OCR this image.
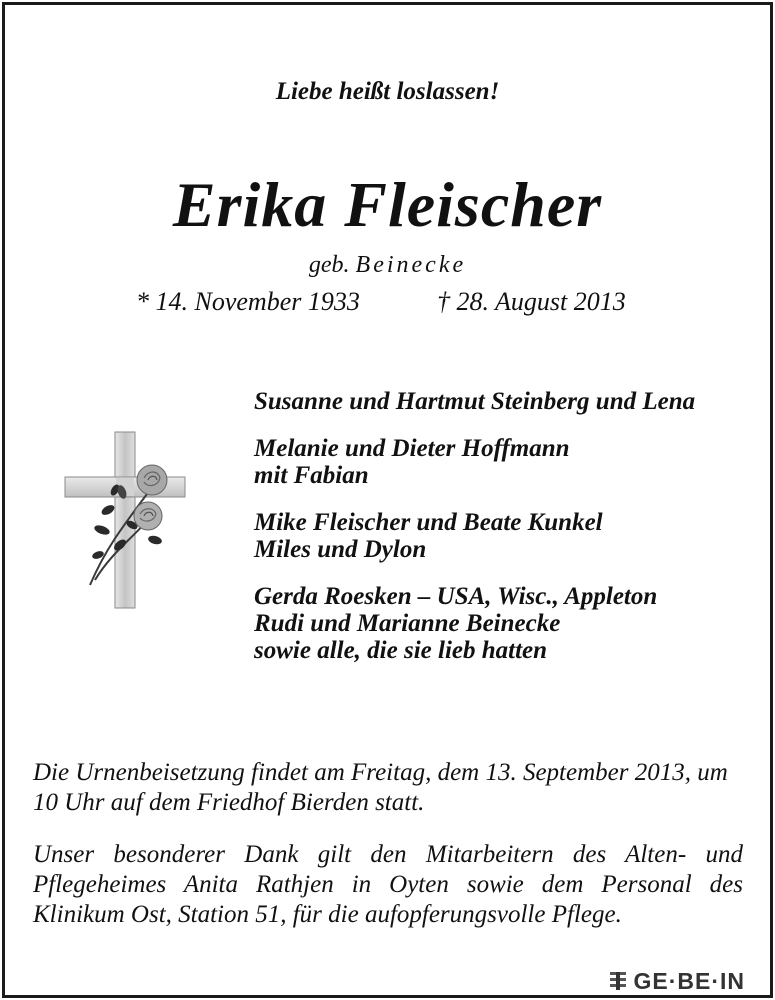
Liebe heißt loslassen!
Erika Fleischer
geb. Beinecke
* 14. November 1933	† 28. August 2013
Susanne und Hartmut Steinberg und Lena
Melanie und Dieter Hoffmann
mit Fabian
Mike Fleischer und Beate Kunkel
Miles und Dylon
Gerda Roesken – USA, Wisc., Appleton
Rudi und Marianne Beinecke
sowie alle, die sie lieb hatten
Die Urnenbeisetzung findet am Freitag, dem 13. September 2013, um 10 Uhr auf dem Friedhof Bierden statt.
Unser besonderer Dank gilt den Mitarbeitern des Alten- und Pflegeheimes Anita Rathjen in Oyten sowie dem Personal des Klinikum Ost, Station 51, für die aufopferungsvolle Pflege.
GE·BE·IN
